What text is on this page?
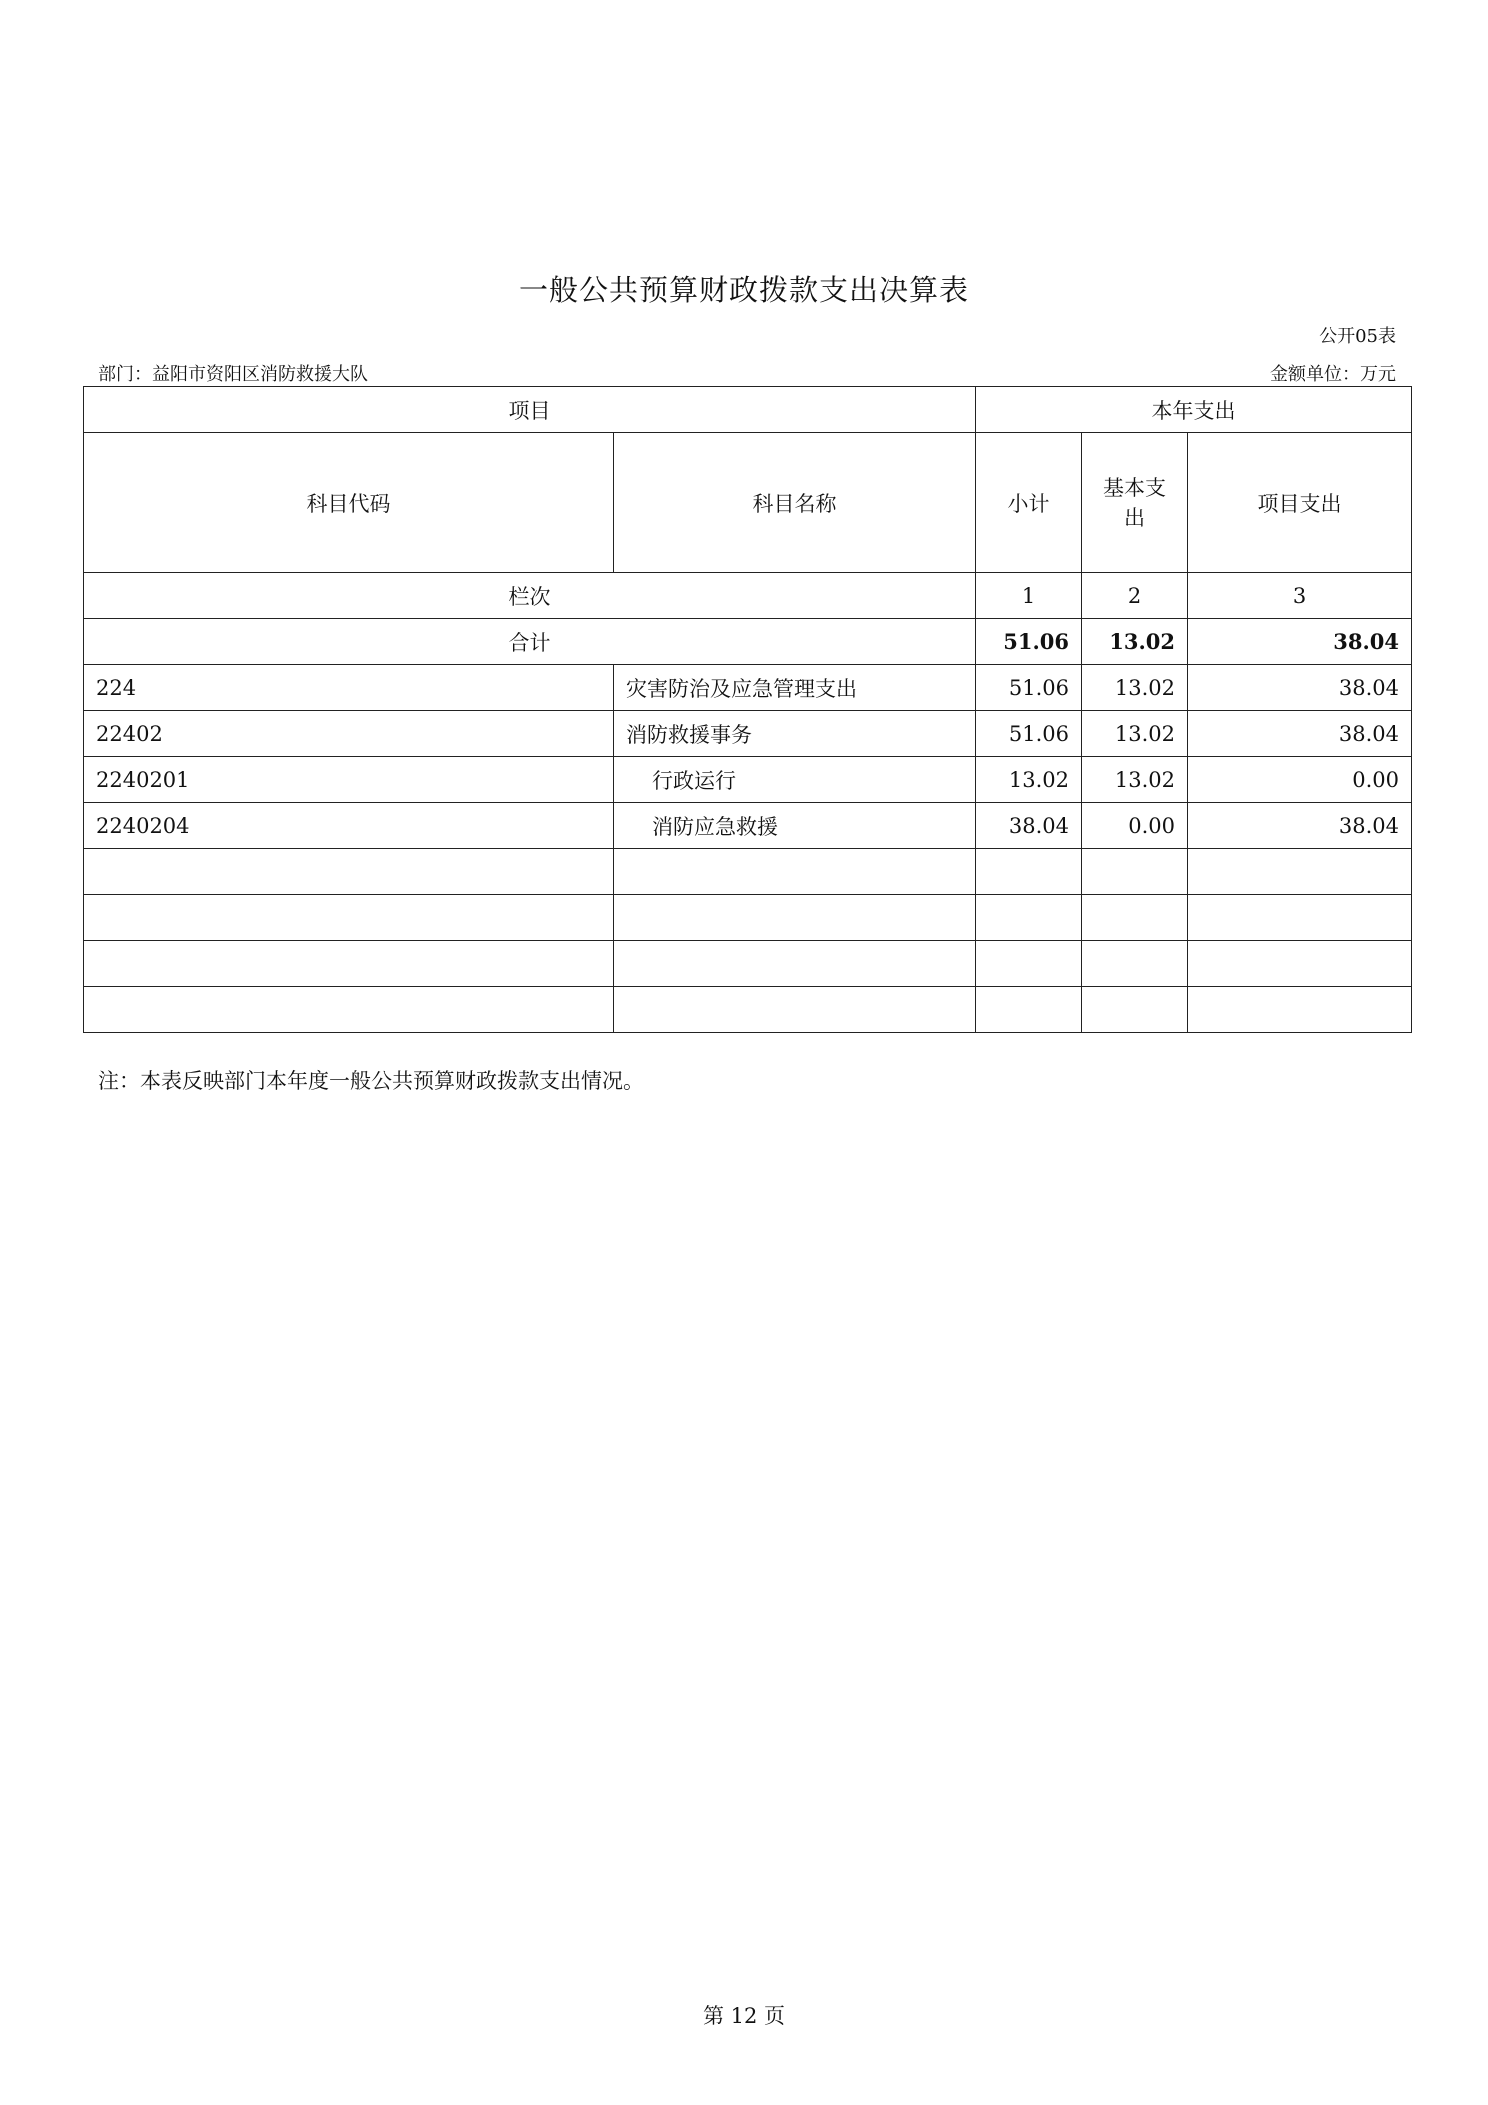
一般公共预算财政拨款支出决算表
公开05表
部门：益阳市资阳区消防救援大队	金额单位：万元
项目		本年支出		
科目代码	科目名称	小计	基本支出	项目支出
栏次		1	2	3
合计		51.06	13.02	38.04
224	灾害防治及应急管理支出	51.06	13.02	38.04
22402	消防救援事务	51.06	13.02	38.04
2240201	行政运行	13.02	13.02	0.00
2240204	消防应急救援	38.04	0.00	38.04

注：本表反映部门本年度一般公共预算财政拨款支出情况。
第 12 页
